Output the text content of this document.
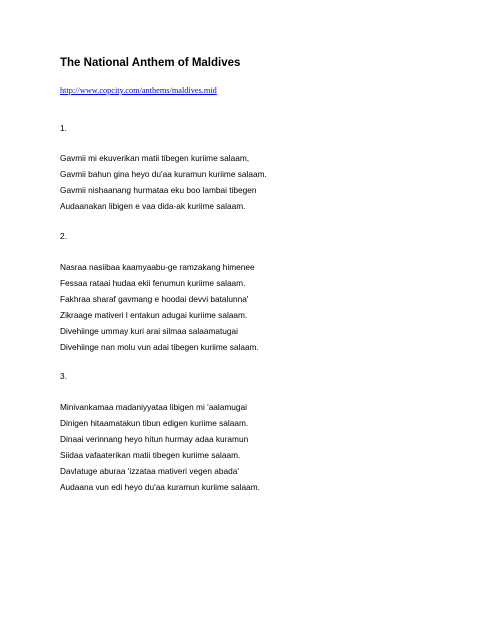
The National Anthem of Maldives
http://www.copcity.com/anthems/maldives.mid
1.
Gavmii mi ekuverikan matii tibegen kuriime salaam,
Gavmii bahun gina heyo du'aa kuramun kuriime salaam.
Gavmii nishaanang hurmataa eku boo lambai tibegen
Audaanakan libigen e vaa dida-ak kuriime salaam.
2.
Nasraa nasiibaa kaamyaabu-ge ramzakang himenee
Fessaa rataai hudaa ekii fenumun kuriime salaam.
Fakhraa sharaf gavmang e hoodai devvi batalunna'
Zikraage mativeri l entakun adugai kuriime salaam.
Divehiinge ummay kuri arai silmaa salaamatugai
Divehiinge nan molu vun adai tibegen kuriime salaam.
3.
Minivankamaa madaniyyataa libigen mi 'aalamugai
Dinigen hitaamatakun tibun edigen kuriime salaam.
Dinaai verinnang heyo hitun hurmay adaa kuramun
Siidaa vafaaterikan matii tibegen kuriime salaam.
Davlatuge aburaa 'izzataa mativeri vegen abada'
Audaana vun edi heyo du'aa kuramun kuriime salaam.
